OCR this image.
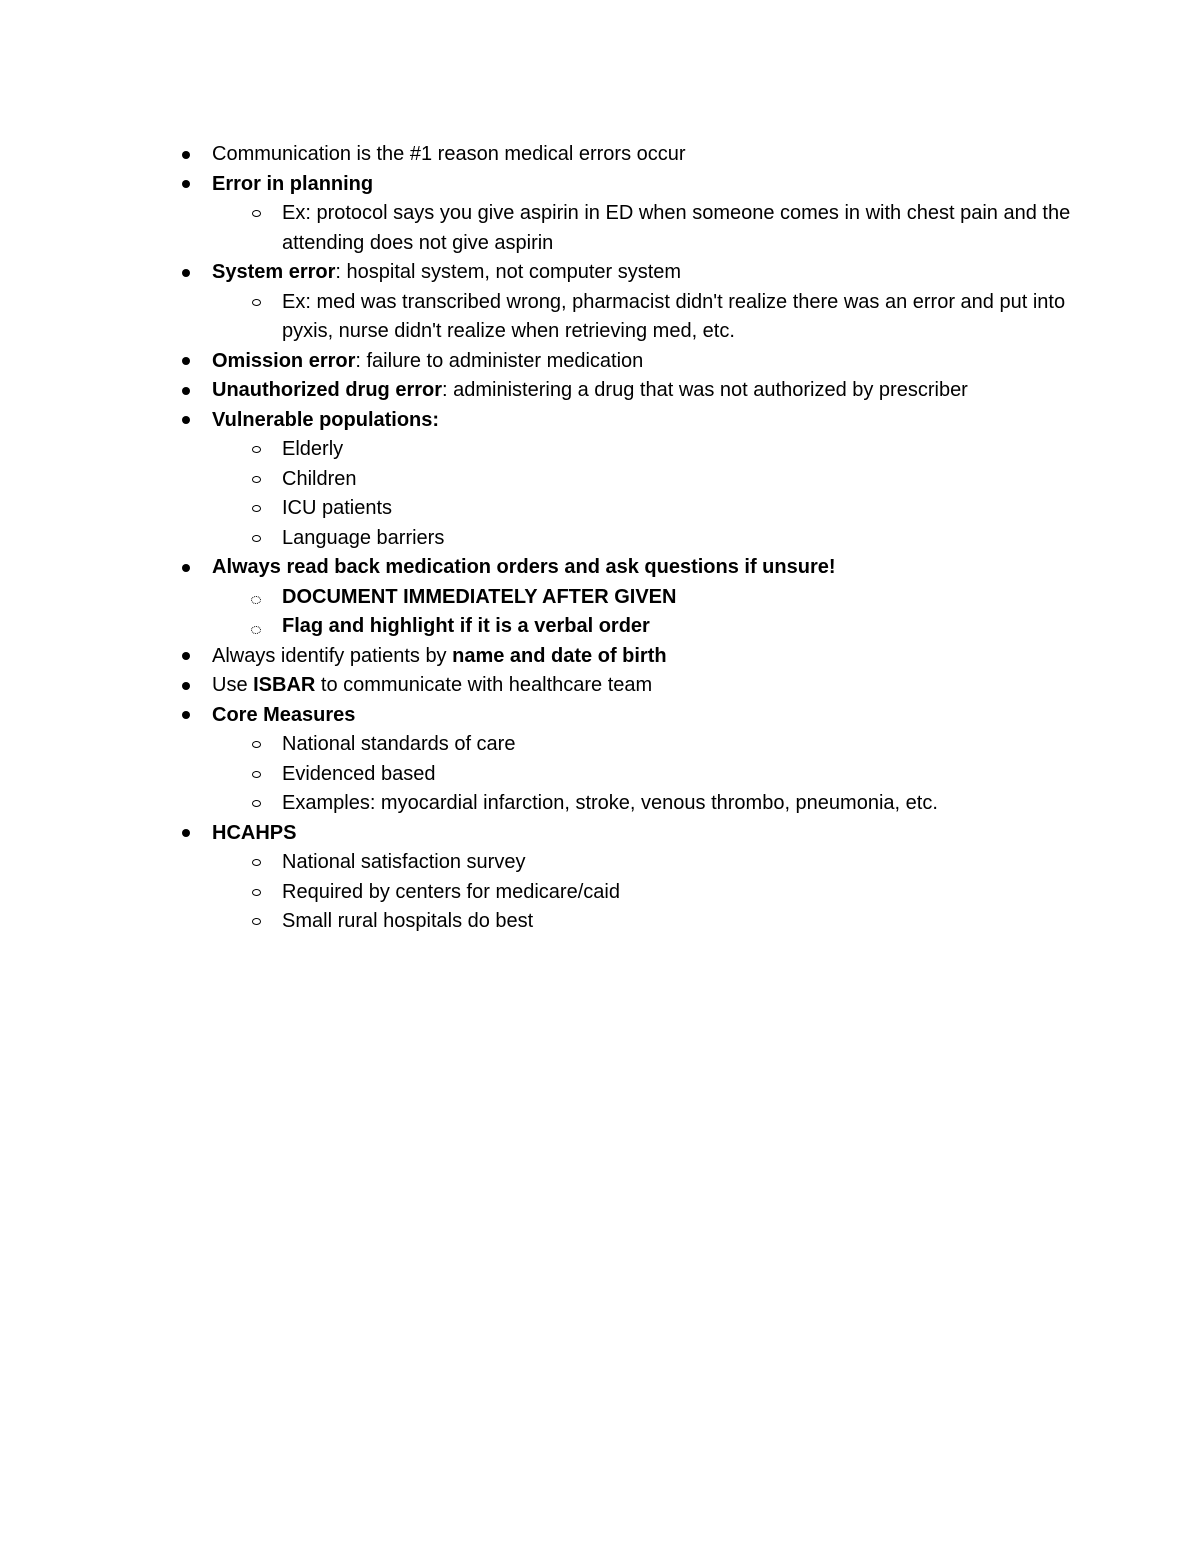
Communication is the #1 reason medical errors occur
Error in planning
Ex: protocol says you give aspirin in ED when someone comes in with chest pain and the attending does not give aspirin
System error: hospital system, not computer system
Ex: med was transcribed wrong, pharmacist didn't realize there was an error and put into pyxis, nurse didn't realize when retrieving med, etc.
Omission error: failure to administer medication
Unauthorized drug error: administering a drug that was not authorized by prescriber
Vulnerable populations:
Elderly
Children
ICU patients
Language barriers
Always read back medication orders and ask questions if unsure!
DOCUMENT IMMEDIATELY AFTER GIVEN
Flag and highlight if it is a verbal order
Always identify patients by name and date of birth
Use ISBAR to communicate with healthcare team
Core Measures
National standards of care
Evidenced based
Examples: myocardial infarction, stroke, venous thrombo, pneumonia, etc.
HCAHPS
National satisfaction survey
Required by centers for medicare/caid
Small rural hospitals do best
